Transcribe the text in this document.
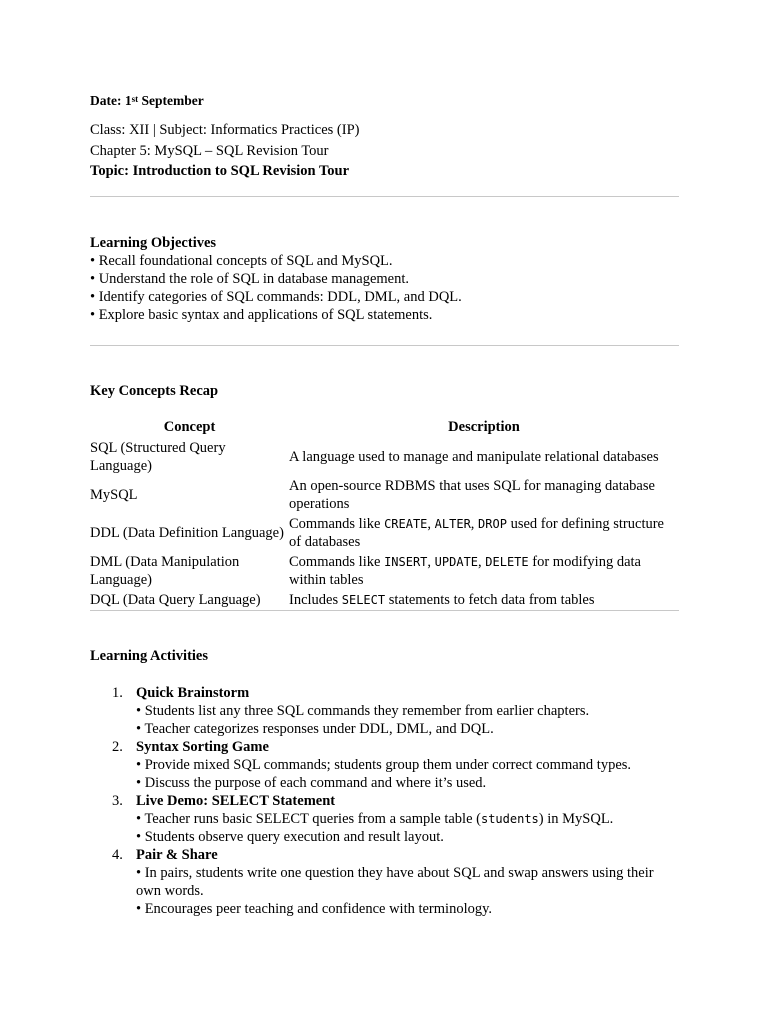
Date: 1st September
Class: XII | Subject: Informatics Practices (IP)
Chapter 5: MySQL – SQL Revision Tour
Topic: Introduction to SQL Revision Tour
Learning Objectives
• Recall foundational concepts of SQL and MySQL.
• Understand the role of SQL in database management.
• Identify categories of SQL commands: DDL, DML, and DQL.
• Explore basic syntax and applications of SQL statements.
Key Concepts Recap
Concept	Description
SQL (Structured Query Language)	A language used to manage and manipulate relational databases
MySQL	An open-source RDBMS that uses SQL for managing database operations
DDL (Data Definition Language)	Commands like CREATE, ALTER, DROP used for defining structure of databases
DML (Data Manipulation Language)	Commands like INSERT, UPDATE, DELETE for modifying data within tables
DQL (Data Query Language)	Includes SELECT statements to fetch data from tables
Learning Activities
1. Quick Brainstorm
• Students list any three SQL commands they remember from earlier chapters.
• Teacher categorizes responses under DDL, DML, and DQL.
2. Syntax Sorting Game
• Provide mixed SQL commands; students group them under correct command types.
• Discuss the purpose of each command and where it’s used.
3. Live Demo: SELECT Statement
• Teacher runs basic SELECT queries from a sample table (students) in MySQL.
• Students observe query execution and result layout.
4. Pair & Share
• In pairs, students write one question they have about SQL and swap answers using their own words.
• Encourages peer teaching and confidence with terminology.
